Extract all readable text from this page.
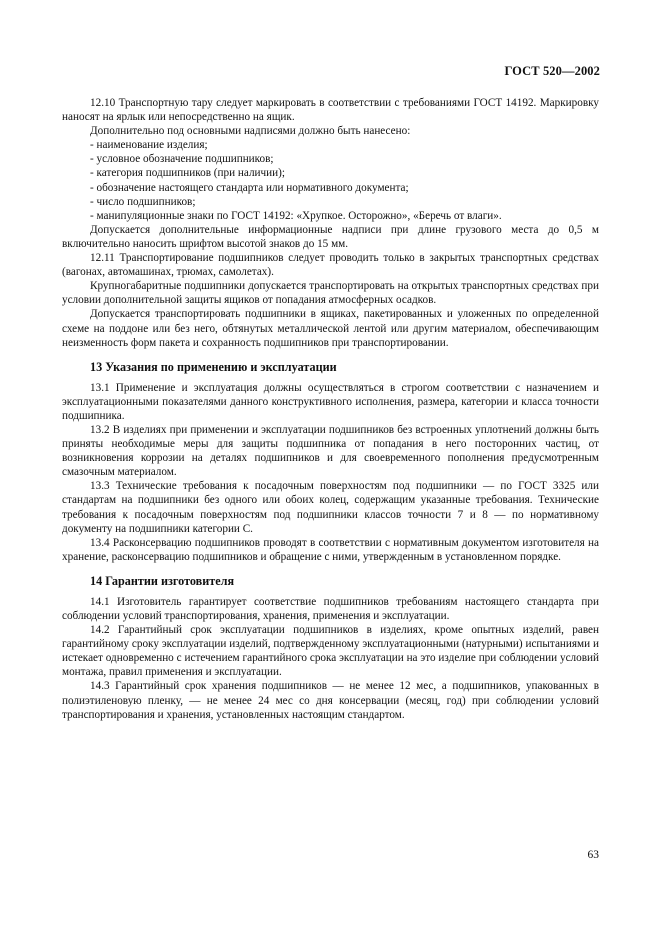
ГОСТ 520—2002

12.10 Транспортную тару следует маркировать в соответствии с требованиями ГОСТ 14192. Маркировку наносят на ярлык или непосредственно на ящик.

Дополнительно под основными надписями должно быть нанесено:

- наименование изделия;

- условное обозначение подшипников;

- категория подшипников (при наличии);

- обозначение настоящего стандарта или нормативного документа;

- число подшипников;

- манипуляционные знаки по ГОСТ 14192: «Хрупкое. Осторожно», «Беречь от влаги».

Допускается дополнительные информационные надписи при длине грузового места до 0,5 м включительно наносить шрифтом высотой знаков до 15 мм.

12.11 Транспортирование подшипников следует проводить только в закрытых транспортных средствах (вагонах, автомашинах, трюмах, самолетах).

Крупногабаритные подшипники допускается транспортировать на открытых транспортных средствах при условии дополнительной защиты ящиков от попадания атмосферных осадков.

Допускается транспортировать подшипники в ящиках, пакетированных и уложенных по определенной схеме на поддоне или без него, обтянутых металлической лентой или другим материалом, обеспечивающим неизменность форм пакета и сохранность подшипников при транспортировании.

13 Указания по применению и эксплуатации

13.1 Применение и эксплуатация должны осуществляться в строгом соответствии с назначением и эксплуатационными показателями данного конструктивного исполнения, размера, категории и класса точности подшипника.

13.2 В изделиях при применении и эксплуатации подшипников без встроенных уплотнений должны быть приняты необходимые меры для защиты подшипника от попадания в него посторонних частиц, от возникновения коррозии на деталях подшипников и для своевременного пополнения предусмотренным смазочным материалом.

13.3 Технические требования к посадочным поверхностям под подшипники — по ГОСТ 3325 или стандартам на подшипники без одного или обоих колец, содержащим указанные требования. Технические требования к посадочным поверхностям под подшипники классов точности 7 и 8 — по нормативному документу на подшипники категории С.

13.4 Расконсервацию подшипников проводят в соответствии с нормативным документом изготовителя на хранение, расконсервацию подшипников и обращение с ними, утвержденным в установленном порядке.

14 Гарантии изготовителя

14.1 Изготовитель гарантирует соответствие подшипников требованиям настоящего стандарта при соблюдении условий транспортирования, хранения, применения и эксплуатации.

14.2 Гарантийный срок эксплуатации подшипников в изделиях, кроме опытных изделий, равен гарантийному сроку эксплуатации изделий, подтвержденному эксплуатационными (натурными) испытаниями и истекает одновременно с истечением гарантийного срока эксплуатации на это изделие при соблюдении условий монтажа, правил применения и эксплуатации.

14.3 Гарантийный срок хранения подшипников — не менее 12 мес, а подшипников, упакованных в полиэтиленовую пленку, — не менее 24 мес со дня консервации (месяц, год) при соблюдении условий транспортирования и хранения, установленных настоящим стандартом.

63
